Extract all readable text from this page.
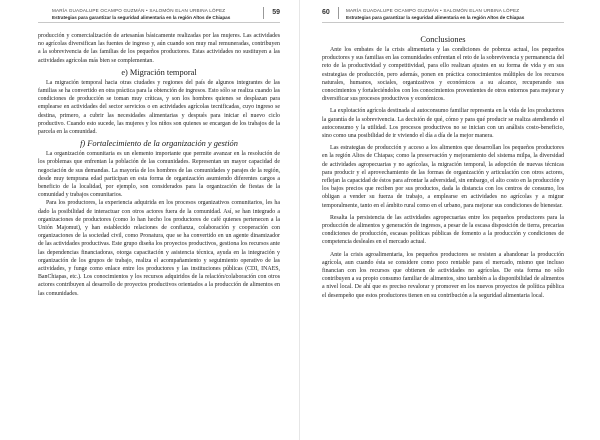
MARÍA GUADALUPE OCAMPO GUZMÁN • SALOMÓN ELAN URBINA LÓPEZ
Estrategias para garantizar la seguridad alimentaria en la región Altos de Chiapas
59

producción y comercialización de artesanías básicamente realizadas por las mujeres. Las actividades no agrícolas diversifican las fuentes de ingreso y, aún cuando son muy mal remuneradas, contribuyen a la sobrevivencia de las familias de los pequeños productores. Estas actividades no sustituyen a las actividades agrícolas más bien se complementan.

e) Migración temporal

La migración temporal hacia otras ciudades y regiones del país de algunos integrantes de las familias se ha convertido en otra práctica para la obtención de ingresos. Esto sólo se realiza cuando las condiciones de producción se toman muy críticas, y son los hombres quienes se desplazan para emplearse en actividades del sector servicios o en actividades agrícolas tecnificadas, cuyo ingreso se destina, primero, a cubrir las necesidades alimentarias y después para iniciar el nuevo ciclo productivo. Cuando esto sucede, las mujeres y los niños son quienes se encargan de los trabajos de la parcela en la comunidad.

f) Fortalecimiento de la organización y gestión

La organización comunitaria es un elemento importante que permite avanzar en la resolución de los problemas que enfrentan la población de las comunidades. Representan un mayor capacidad de negociación de sus demandas. La mayoría de los hombres de las comunidades y parajes de la región, desde muy temprana edad participan en esta forma de organización asumiendo diferentes cargos a beneficio de la localidad, por ejemplo, son considerados para la organización de fiestas de la comunidad y trabajos comunitarios.

Para los productores, la experiencia adquirida en los procesos organizativos comunitarios, les ha dado la posibilidad de interactuar con otros actores fuera de la comunidad. Así, se han integrado a organizaciones de productores (como lo han hecho los productores de café quienes pertenecen a la Unión Majomut), y han establecido relaciones de confianza, colaboración y cooperación con organizaciones de la sociedad civil, como Pronatura, que se ha convertido en un agente dinamizador de las actividades productivas. Este grupo diseña los proyectos productivos, gestiona los recursos ante las dependencias financiadoras, otorga capacitación y asistencia técnica, ayuda en la integración y organización de los grupos de trabajo, realiza el acompañamiento y seguimiento operativo de las actividades, y funge como enlace entre los productores y las instituciones públicas (CDI, INAES, BanChiapas, etc.). Los conocimientos y los recursos adquiridos de la relación/colaboración con otros actores contribuyen al desarrollo de proyectos productivos orientados a la producción de alimentos en las comunidades.

60	MARÍA GUADALUPE OCAMPO GUZMÁN • SALOMÓN ELAN URBINA LÓPEZ
Estrategias para garantizar la seguridad alimentaria en la región Altos de Chiapas
Conclusiones

Ante los embates de la crisis alimentaria y las condiciones de pobreza actual, los pequeños productores y sus familias en las comunidades enfrentan el reto de la sobrevivencia y permanencia del reto de la productividad y competitividad, para ello realizan ajustes en su forma de vida y en sus estrategias de producción, pero además, ponen en práctica conocimientos múltiples de los recursos naturales, humanos, sociales, organizativos y económicos a su alcance, recuperando sus conocimientos y fortaleciéndolos con los conocimientos provenientes de otros entornos para mejorar y diversificar sus procesos productivos y económicos.

La explotación agrícola destinada al autoconsumo familiar representa en la vida de los productores la garantía de la sobrevivencia. La decisión de qué, cómo y para qué producir se realiza atendiendo el autoconsumo y la utilidad. Los procesos productivos no se inician con un análisis costo-beneficio, sino como una posibilidad de ir viviendo el día a día de la mejor manera.

Las estrategias de producción y acceso a los alimentos que desarrollan los pequeños productores en la región Altos de Chiapas; como la preservación y mejoramiento del sistema milpa, la diversidad de actividades agropecuarias y no agrícolas, la migración temporal, la adopción de nuevas técnicas para producir y el aprovechamiento de las formas de organización y articulación con otros actores, reflejan la capacidad de éstos para afrontar la adversidad, sin embargo, el alto costo en la producción y los bajos precios que reciben por sus productos, dada la distancia con los centros de consumo, los obligan a vender su fuerza de trabajo, a emplearse en actividades no agrícolas y a migrar temporalmente, tanto en el ámbito rural como en el urbano, para mejorar sus condiciones de bienestar.

Resalta la persistencia de las actividades agropecuarias entre los pequeños productores para la producción de alimentos y generación de ingresos, a pesar de la escasa disposición de tierra, precarias condiciones de producción, escasas políticas públicas de fomento a la producción y condiciones de competencia desleales en el mercado actual.

Ante la crisis agroalimentaria, los pequeños productores se resisten a abandonar la producción agrícola, aun cuando ésta se considere como poco rentable para el mercado, mismo que incluso financian con los recursos que obtienen de actividades no agrícolas. De esta forma no sólo contribuyen a su propio consumo familiar de alimentos, sino también a la disponibilidad de alimentos a nivel local. De ahí que es preciso revalorar y promover en los nuevos proyectos de política pública el desempeño que estos productores tienen en su contribución a la seguridad alimentaria local.
